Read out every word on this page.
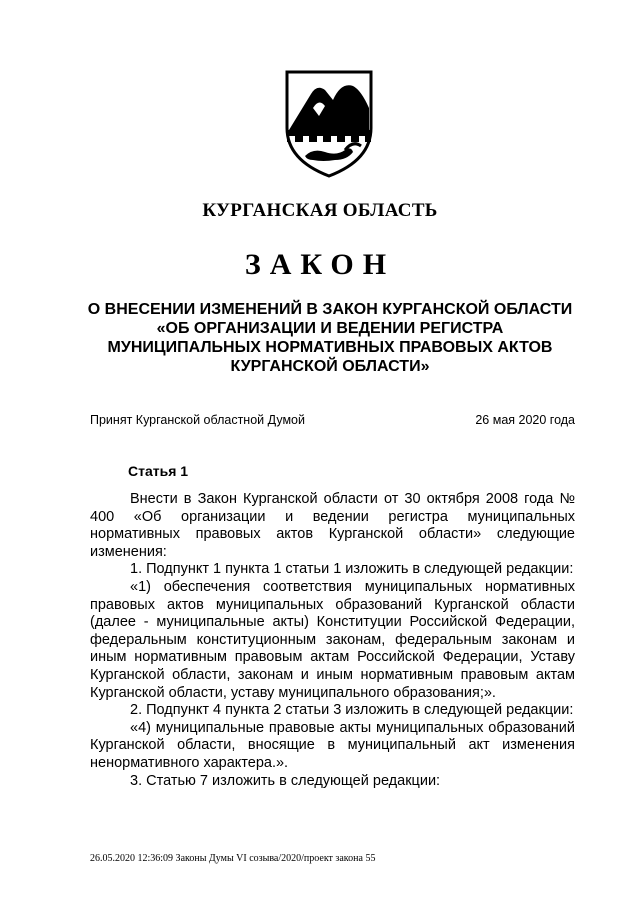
КУРГАНСКАЯ ОБЛАСТЬ
ЗАКОН
О ВНЕСЕНИИ ИЗМЕНЕНИЙ В ЗАКОН КУРГАНСКОЙ ОБЛАСТИ «ОБ ОРГАНИЗАЦИИ И ВЕДЕНИИ РЕГИСТРА МУНИЦИПАЛЬНЫХ НОРМАТИВНЫХ ПРАВОВЫХ АКТОВ КУРГАНСКОЙ ОБЛАСТИ»
Принят Курганской областной Думой	26 мая 2020 года
Статья 1

Внести в Закон Курганской области от 30 октября 2008 года № 400 «Об организации и ведении регистра муниципальных нормативных правовых актов Курганской области» следующие изменения:

1. Подпункт 1 пункта 1 статьи 1 изложить в следующей редакции:

«1) обеспечения соответствия муниципальных нормативных правовых актов муниципальных образований Курганской области (далее - муниципальные акты) Конституции Российской Федерации, федеральным конституционным законам, федеральным законам и иным нормативным правовым актам Российской Федерации, Уставу Курганской области, законам и иным нормативным правовым актам Курганской области, уставу муниципального образования;».

2. Подпункт 4 пункта 2 статьи 3 изложить в следующей редакции:

«4) муниципальные правовые акты муниципальных образований Курганской области, вносящие в муниципальный акт изменения ненормативного характера.».

3. Статью 7 изложить в следующей редакции:

26.05.2020 12:36:09 Законы Думы VI созыва/2020/проект закона 55
